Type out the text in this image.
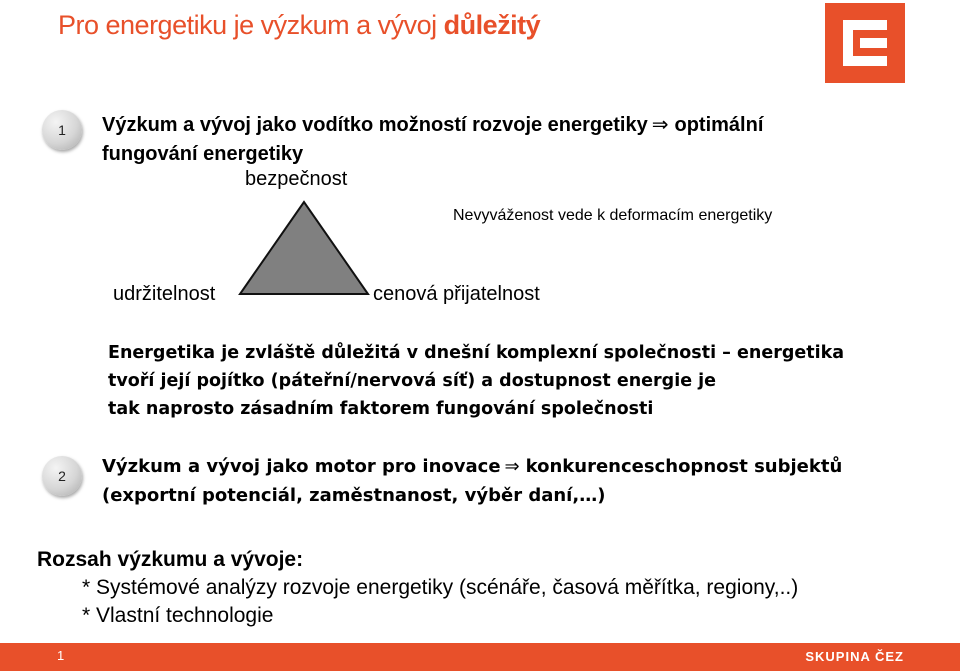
Pro energetiku je výzkum a vývoj důležitý
1 Výzkum a vývoj jako vodítko možností rozvoje energetiky ⇒ optimální
fungování energetiky
bezpečnost
Nevyváženost vede k deformacím energetiky
udržitelnost	cenová přijatelnost
Energetika je zvláště důležitá v dnešní komplexní společnosti – energetika
tvoří její pojítko (páteřní/nervová síť) a dostupnost energie je
tak naprosto zásadním faktorem fungování společnosti
2 Výzkum a vývoj jako motor pro inovace ⇒ konkurenceschopnost subjektů
(exportní potenciál, zaměstnanost, výběr daní,…)
Rozsah výzkumu a vývoje:
* Systémové analýzy rozvoje energetiky (scénáře, časová měřítka, regiony,..)
* Vlastní technologie
1	SKUPINA ČEZ
